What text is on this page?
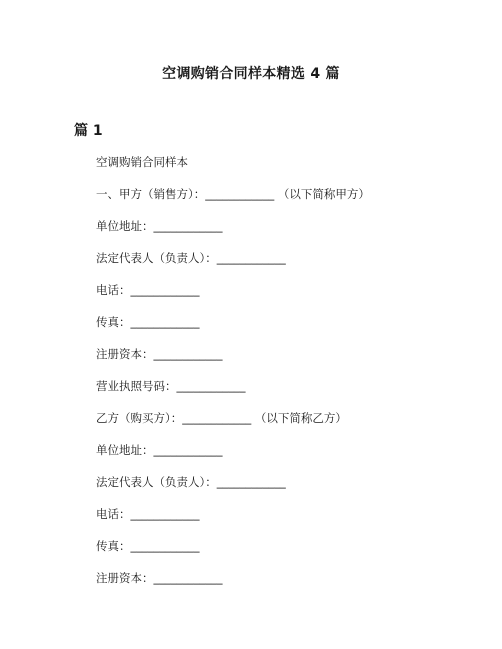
空调购销合同样本精选 4 篇
篇 1
空调购销合同样本
一、甲方（销售方）：____________ （以下简称甲方）
单位地址：____________
法定代表人（负责人）：____________
电话：____________
传真：____________
注册资本：____________
营业执照号码：____________
乙方（购买方）：____________ （以下简称乙方）
单位地址：____________
法定代表人（负责人）：____________
电话：____________
传真：____________
注册资本：____________
